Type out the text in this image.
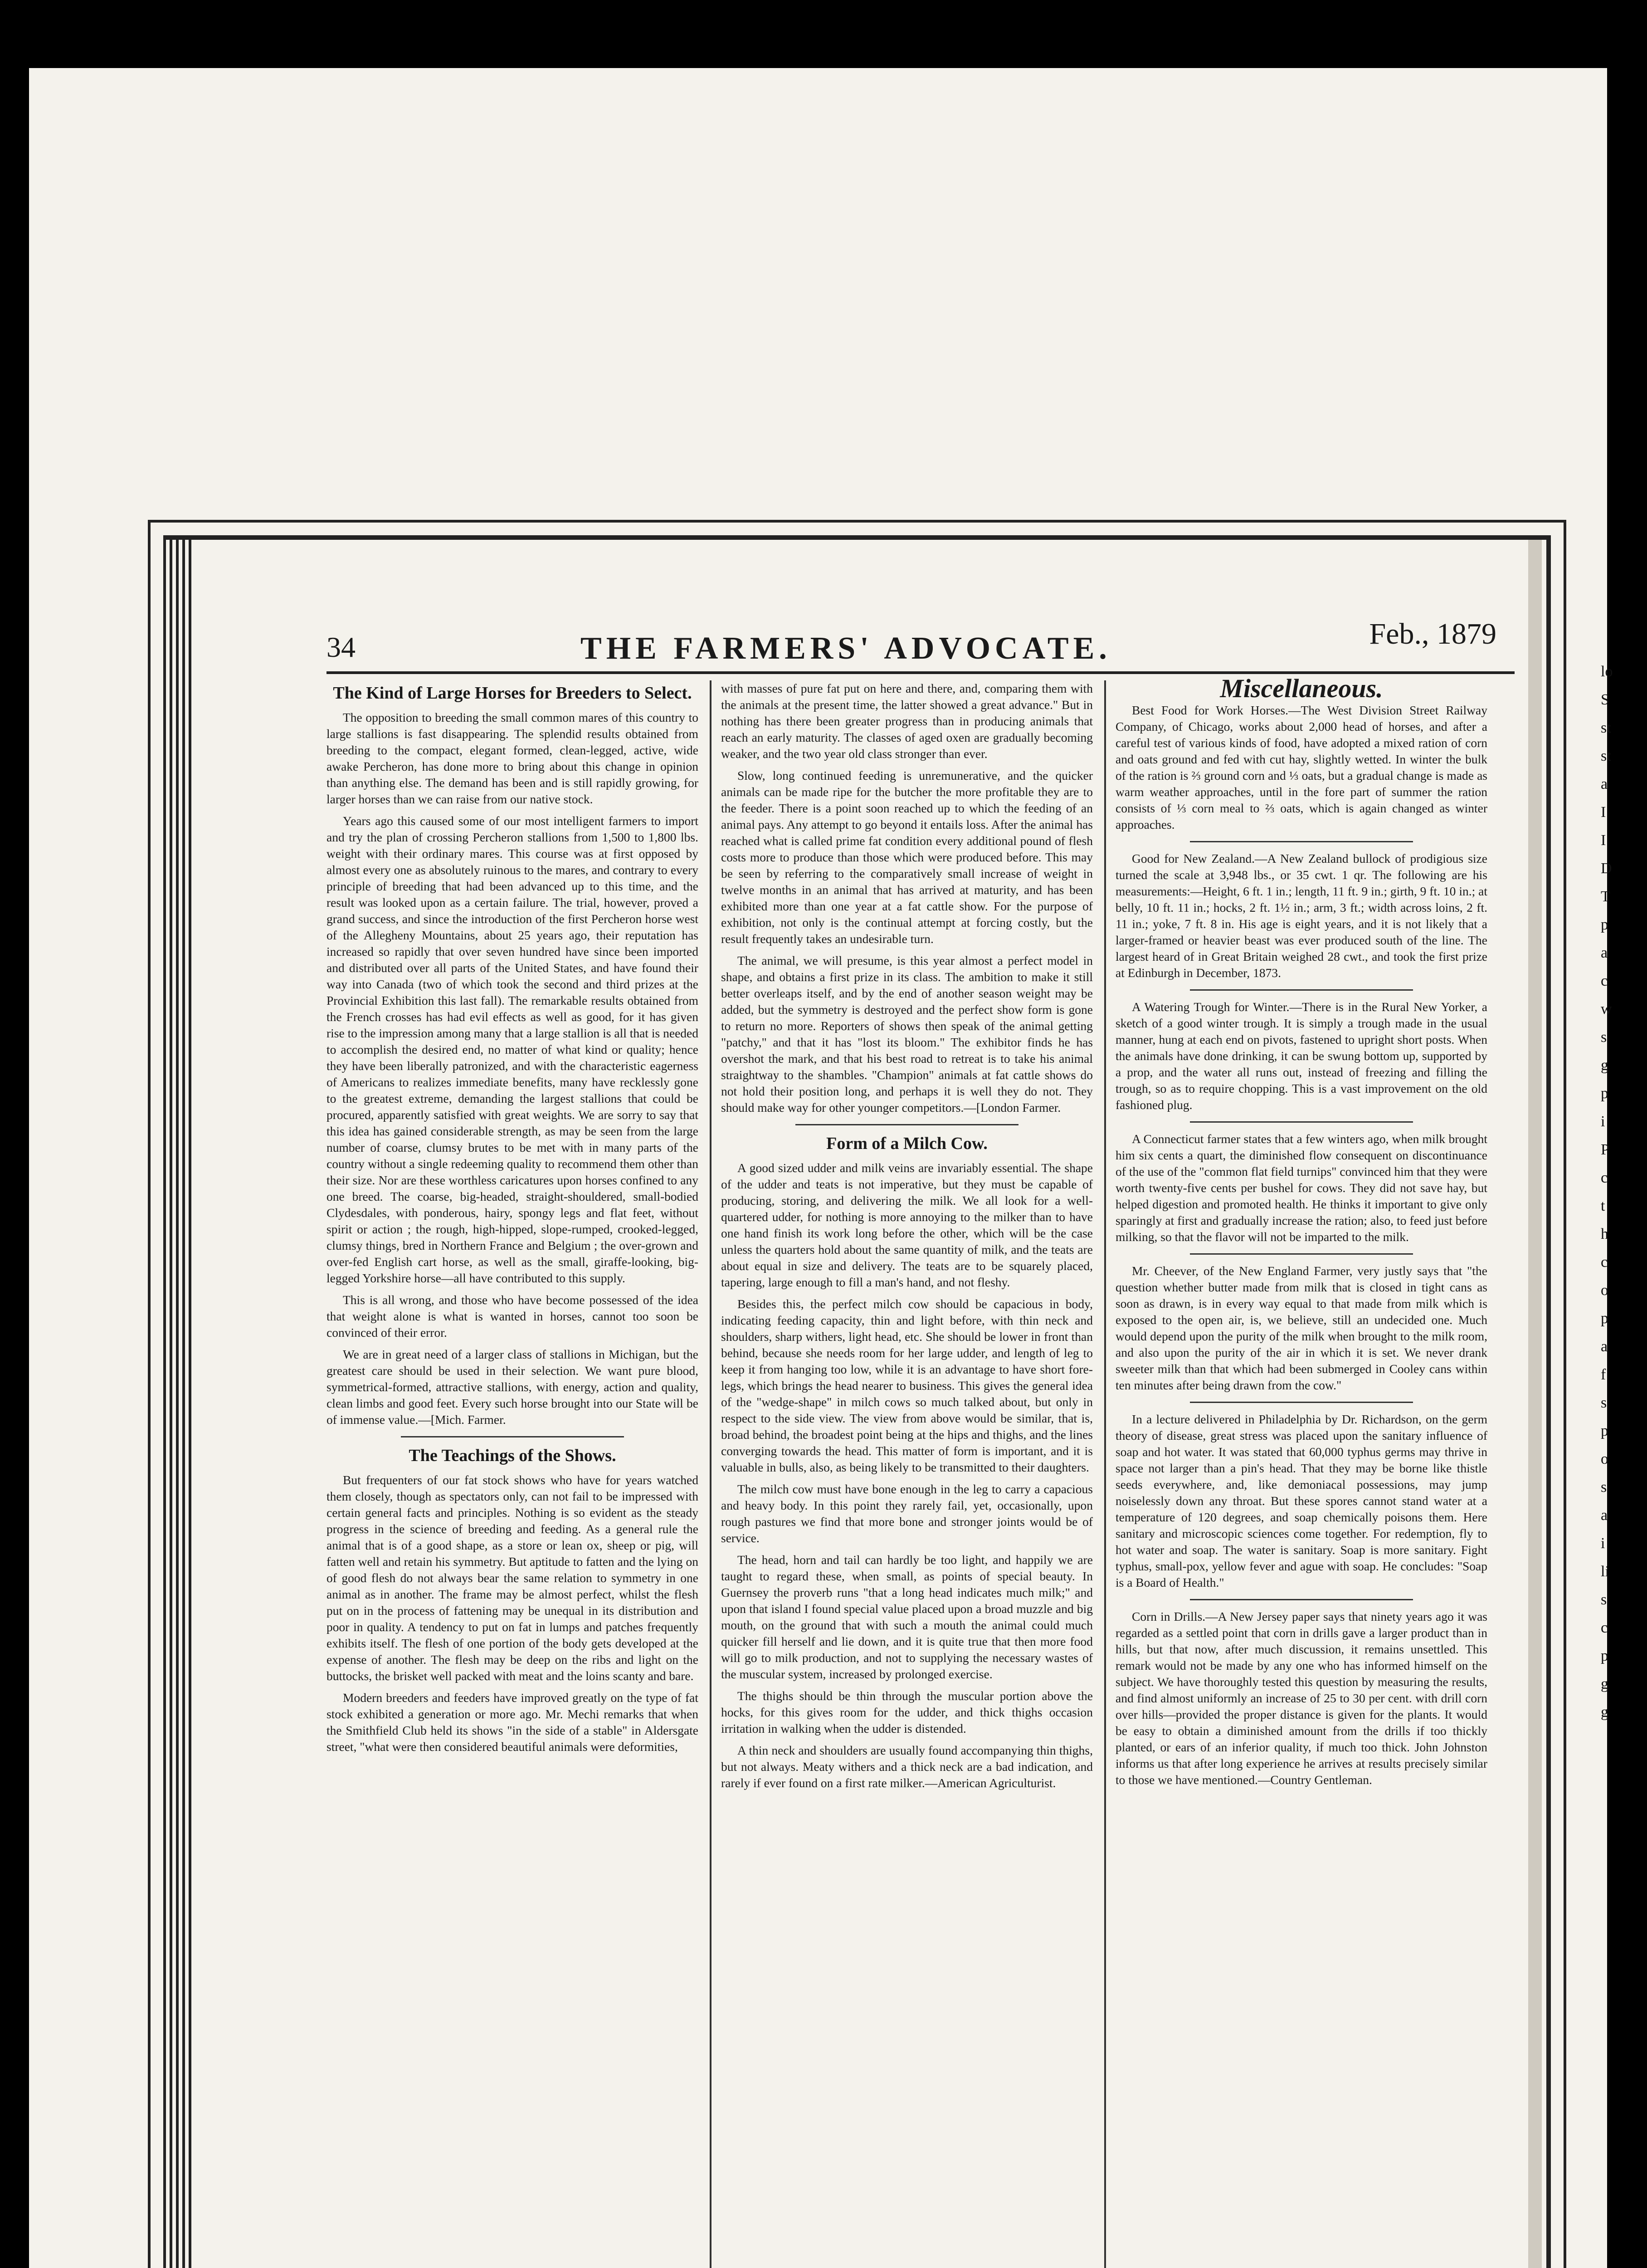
34	THE FARMERS' ADVOCATE.	Feb., 1879
The Kind of Large Horses for Breeders to Select.

The opposition to breeding the small common mares of this country to large stallions is fast disappearing. The splendid results obtained from breeding to the compact, elegant formed, clean-legged, active, wide awake Percheron, has done more to bring about this change in opinion than anything else. The demand has been and is still rapidly growing, for larger horses than we can raise from our native stock.

Years ago this caused some of our most intelligent farmers to import and try the plan of crossing Percheron stallions from 1,500 to 1,800 lbs. weight with their ordinary mares. This course was at first opposed by almost every one as absolutely ruinous to the mares, and contrary to every principle of breeding that had been advanced up to this time, and the result was looked upon as a certain failure. The trial, however, proved a grand success, and since the introduction of the first Percheron horse west of the Allegheny Mountains, about 25 years ago, their reputation has increased so rapidly that over seven hundred have since been imported and distributed over all parts of the United States, and have found their way into Canada (two of which took the second and third prizes at the Provincial Exhibition this last fall). The remarkable results obtained from the French crosses has had evil effects as well as good, for it has given rise to the impression among many that a large stallion is all that is needed to accomplish the desired end, no matter of what kind or quality; hence they have been liberally patronized, and with the characteristic eagerness of Americans to realizes immediate benefits, many have recklessly gone to the greatest extreme, demanding the largest stallions that could be procured, apparently satisfied with great weights. We are sorry to say that this idea has gained considerable strength, as may be seen from the large number of coarse, clumsy brutes to be met with in many parts of the country without a single redeeming quality to recommend them other than their size. Nor are these worthless caricatures upon horses confined to any one breed. The coarse, big-headed, straight-shouldered, small-bodied Clydesdales, with ponderous, hairy, spongy legs and flat feet, without spirit or action ; the rough, high-hipped, slope-rumped, crooked-legged, clumsy things, bred in Northern France and Belgium ; the over-grown and over-fed English cart horse, as well as the small, giraffe-looking, big-legged Yorkshire horse—all have contributed to this supply.

This is all wrong, and those who have become possessed of the idea that weight alone is what is wanted in horses, cannot too soon be convinced of their error.

We are in great need of a larger class of stallions in Michigan, but the greatest care should be used in their selection. We want pure blood, symmetrical-formed, attractive stallions, with energy, action and quality, clean limbs and good feet. Every such horse brought into our State will be of immense value.—[Mich. Farmer.

The Teachings of the Shows.

But frequenters of our fat stock shows who have for years watched them closely, though as spectators only, can not fail to be impressed with certain general facts and principles. Nothing is so evident as the steady progress in the science of breeding and feeding. As a general rule the animal that is of a good shape, as a store or lean ox, sheep or pig, will fatten well and retain his symmetry. But aptitude to fatten and the lying on of good flesh do not always bear the same relation to symmetry in one animal as in another. The frame may be almost perfect, whilst the flesh put on in the process of fattening may be unequal in its distribution and poor in quality. A tendency to put on fat in lumps and patches frequently exhibits itself. The flesh of one portion of the body gets developed at the expense of another. The flesh may be deep on the ribs and light on the buttocks, the brisket well packed with meat and the loins scanty and bare.

Modern breeders and feeders have improved greatly on the type of fat stock exhibited a generation or more ago. Mr. Mechi remarks that when the Smithfield Club held its shows "in the side of a stable" in Aldersgate street, "what were then considered beautiful animals were deformities,

with masses of pure fat put on here and there, and, comparing them with the animals at the present time, the latter showed a great advance." But in nothing has there been greater progress than in producing animals that reach an early maturity. The classes of aged oxen are gradually becoming weaker, and the two year old class stronger than ever.

Slow, long continued feeding is unremunerative, and the quicker animals can be made ripe for the butcher the more profitable they are to the feeder. There is a point soon reached up to which the feeding of an animal pays. Any attempt to go beyond it entails loss. After the animal has reached what is called prime fat condition every additional pound of flesh costs more to produce than those which were produced before. This may be seen by referring to the comparatively small increase of weight in twelve months in an animal that has arrived at maturity, and has been exhibited more than one year at a fat cattle show. For the purpose of exhibition, not only is the continual attempt at forcing costly, but the result frequently takes an undesirable turn.

The animal, we will presume, is this year almost a perfect model in shape, and obtains a first prize in its class. The ambition to make it still better overleaps itself, and by the end of another season weight may be added, but the symmetry is destroyed and the perfect show form is gone to return no more. Reporters of shows then speak of the animal getting "patchy," and that it has "lost its bloom." The exhibitor finds he has overshot the mark, and that his best road to retreat is to take his animal straightway to the shambles. "Champion" animals at fat cattle shows do not hold their position long, and perhaps it is well they do not. They should make way for other younger competitors.—[London Farmer.

Form of a Milch Cow.

A good sized udder and milk veins are invariably essential. The shape of the udder and teats is not imperative, but they must be capable of producing, storing, and delivering the milk. We all look for a well-quartered udder, for nothing is more annoying to the milker than to have one hand finish its work long before the other, which will be the case unless the quarters hold about the same quantity of milk, and the teats are about equal in size and delivery. The teats are to be squarely placed, tapering, large enough to fill a man's hand, and not fleshy.

Besides this, the perfect milch cow should be capacious in body, indicating feeding capacity, thin and light before, with thin neck and shoulders, sharp withers, light head, etc. She should be lower in front than behind, because she needs room for her large udder, and length of leg to keep it from hanging too low, while it is an advantage to have short fore-legs, which brings the head nearer to business. This gives the general idea of the "wedge-shape" in milch cows so much talked about, but only in respect to the side view. The view from above would be similar, that is, broad behind, the broadest point being at the hips and thighs, and the lines converging towards the head. This matter of form is important, and it is valuable in bulls, also, as being likely to be transmitted to their daughters.

The milch cow must have bone enough in the leg to carry a capacious and heavy body. In this point they rarely fail, yet, occasionally, upon rough pastures we find that more bone and stronger joints would be of service.

The head, horn and tail can hardly be too light, and happily we are taught to regard these, when small, as points of special beauty. In Guernsey the proverb runs "that a long head indicates much milk;" and upon that island I found special value placed upon a broad muzzle and big mouth, on the ground that with such a mouth the animal could much quicker fill herself and lie down, and it is quite true that then more food will go to milk production, and not to supplying the necessary wastes of the muscular system, increased by prolonged exercise.

The thighs should be thin through the muscular portion above the hocks, for this gives room for the udder, and thick thighs occasion irritation in walking when the udder is distended.

A thin neck and shoulders are usually found accompanying thin thighs, but not always. Meaty withers and a thick neck are a bad indication, and rarely if ever found on a first rate milker.—American Agriculturist.

Miscellaneous.

Best Food for Work Horses.—The West Division Street Railway Company, of Chicago, works about 2,000 head of horses, and after a careful test of various kinds of food, have adopted a mixed ration of corn and oats ground and fed with cut hay, slightly wetted. In winter the bulk of the ration is ⅔ ground corn and ⅓ oats, but a gradual change is made as warm weather approaches, until in the fore part of summer the ration consists of ⅓ corn meal to ⅔ oats, which is again changed as winter approaches.

Good for New Zealand.—A New Zealand bullock of prodigious size turned the scale at 3,948 lbs., or 35 cwt. 1 qr. The following are his measurements:—Height, 6 ft. 1 in.; length, 11 ft. 9 in.; girth, 9 ft. 10 in.; at belly, 10 ft. 11 in.; hocks, 2 ft. 1½ in.; arm, 3 ft.; width across loins, 2 ft. 11 in.; yoke, 7 ft. 8 in. His age is eight years, and it is not likely that a larger-framed or heavier beast was ever produced south of the line. The largest heard of in Great Britain weighed 28 cwt., and took the first prize at Edinburgh in December, 1873.

A Watering Trough for Winter.—There is in the Rural New Yorker, a sketch of a good winter trough. It is simply a trough made in the usual manner, hung at each end on pivots, fastened to upright short posts. When the animals have done drinking, it can be swung bottom up, supported by a prop, and the water all runs out, instead of freezing and filling the trough, so as to require chopping. This is a vast improvement on the old fashioned plug.

A Connecticut farmer states that a few winters ago, when milk brought him six cents a quart, the diminished flow consequent on discontinuance of the use of the "common flat field turnips" convinced him that they were worth twenty-five cents per bushel for cows. They did not save hay, but helped digestion and promoted health. He thinks it important to give only sparingly at first and gradually increase the ration; also, to feed just before milking, so that the flavor will not be imparted to the milk.

Mr. Cheever, of the New England Farmer, very justly says that "the question whether butter made from milk that is closed in tight cans as soon as drawn, is in every way equal to that made from milk which is exposed to the open air, is, we believe, still an undecided one. Much would depend upon the purity of the milk when brought to the milk room, and also upon the purity of the air in which it is set. We never drank sweeter milk than that which had been submerged in Cooley cans within ten minutes after being drawn from the cow."

In a lecture delivered in Philadelphia by Dr. Richardson, on the germ theory of disease, great stress was placed upon the sanitary influence of soap and hot water. It was stated that 60,000 typhus germs may thrive in space not larger than a pin's head. That they may be borne like thistle seeds everywhere, and, like demoniacal possessions, may jump noiselessly down any throat. But these spores cannot stand water at a temperature of 120 degrees, and soap chemically poisons them. Here sanitary and microscopic sciences come together. For redemption, fly to hot water and soap. The water is sanitary. Soap is more sanitary. Fight typhus, small-pox, yellow fever and ague with soap. He concludes: "Soap is a Board of Health."

Corn in Drills.—A New Jersey paper says that ninety years ago it was regarded as a settled point that corn in drills gave a larger product than in hills, but that now, after much discussion, it remains unsettled. This remark would not be made by any one who has informed himself on the subject. We have thoroughly tested this question by measuring the results, and find almost uniformly an increase of 25 to 30 per cent. with drill corn over hills—provided the proper distance is given for the plants. It would be easy to obtain a diminished amount from the drills if too thickly planted, or ears of an inferior quality, if much too thick. John Johnston informs us that after long experience he arrives at results precisely similar to those we have mentioned.—Country Gentleman.

lo
S
st
st
a
I
I
D
T
p
a
c
w
s
g
p
i
P
c
t
h
c
o
p
a
f
s
p
o
s
a
i
li
s
c
p
g
g
